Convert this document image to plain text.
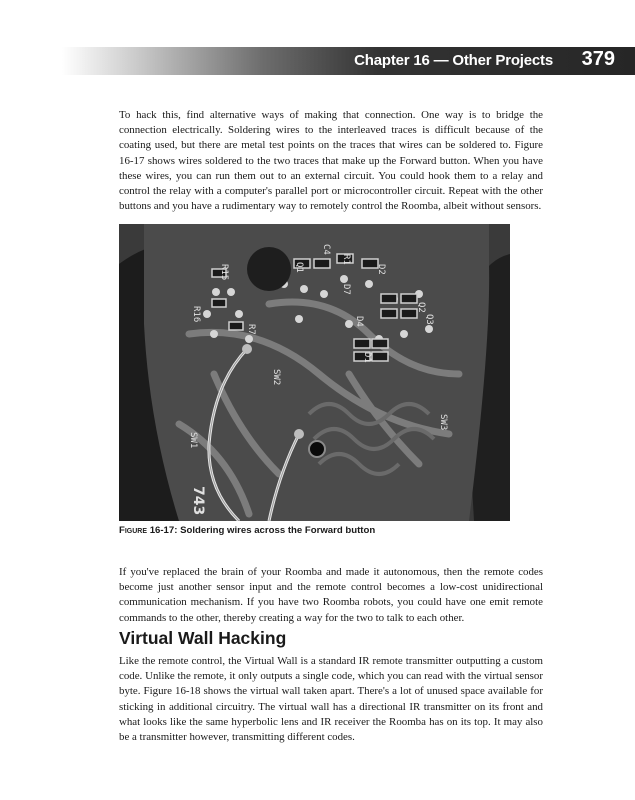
Chapter 16 — Other Projects 379

To hack this, find alternative ways of making that connection. One way is to bridge the connection electrically. Soldering wires to the interleaved traces is difficult because of the coating used, but there are metal test points on the traces that wires can be soldered to. Figure 16-17 shows wires soldered to the two traces that make up the Forward button. When you have these wires, you can run them out to an external circuit. You could hook them to a relay and control the relay with a computer's parallel port or microcontroller circuit. Repeat with the other buttons and you have a rudimentary way to remotely control the Roomba, albeit without sensors.

SW1
SW2
SW3
R15
R16
R7
Q1
Q2
Q3
D1
D2
D4
D7
C4
R1
743
Figure 16-17: Soldering wires across the Forward button

If you've replaced the brain of your Roomba and made it autonomous, then the remote codes become just another sensor input and the remote control becomes a low-cost unidirectional communication mechanism. If you have two Roomba robots, you could have one emit remote commands to the other, thereby creating a way for the two to talk to each other.

Virtual Wall Hacking

Like the remote control, the Virtual Wall is a standard IR remote transmitter outputting a custom code. Unlike the remote, it only outputs a single code, which you can read with the virtual sensor byte. Figure 16-18 shows the virtual wall taken apart. There's a lot of unused space available for sticking in additional circuitry. The virtual wall has a directional IR transmitter on its front and what looks like the same hyperbolic lens and IR receiver the Roomba has on its top. It may also be a transmitter however, transmitting different codes.
